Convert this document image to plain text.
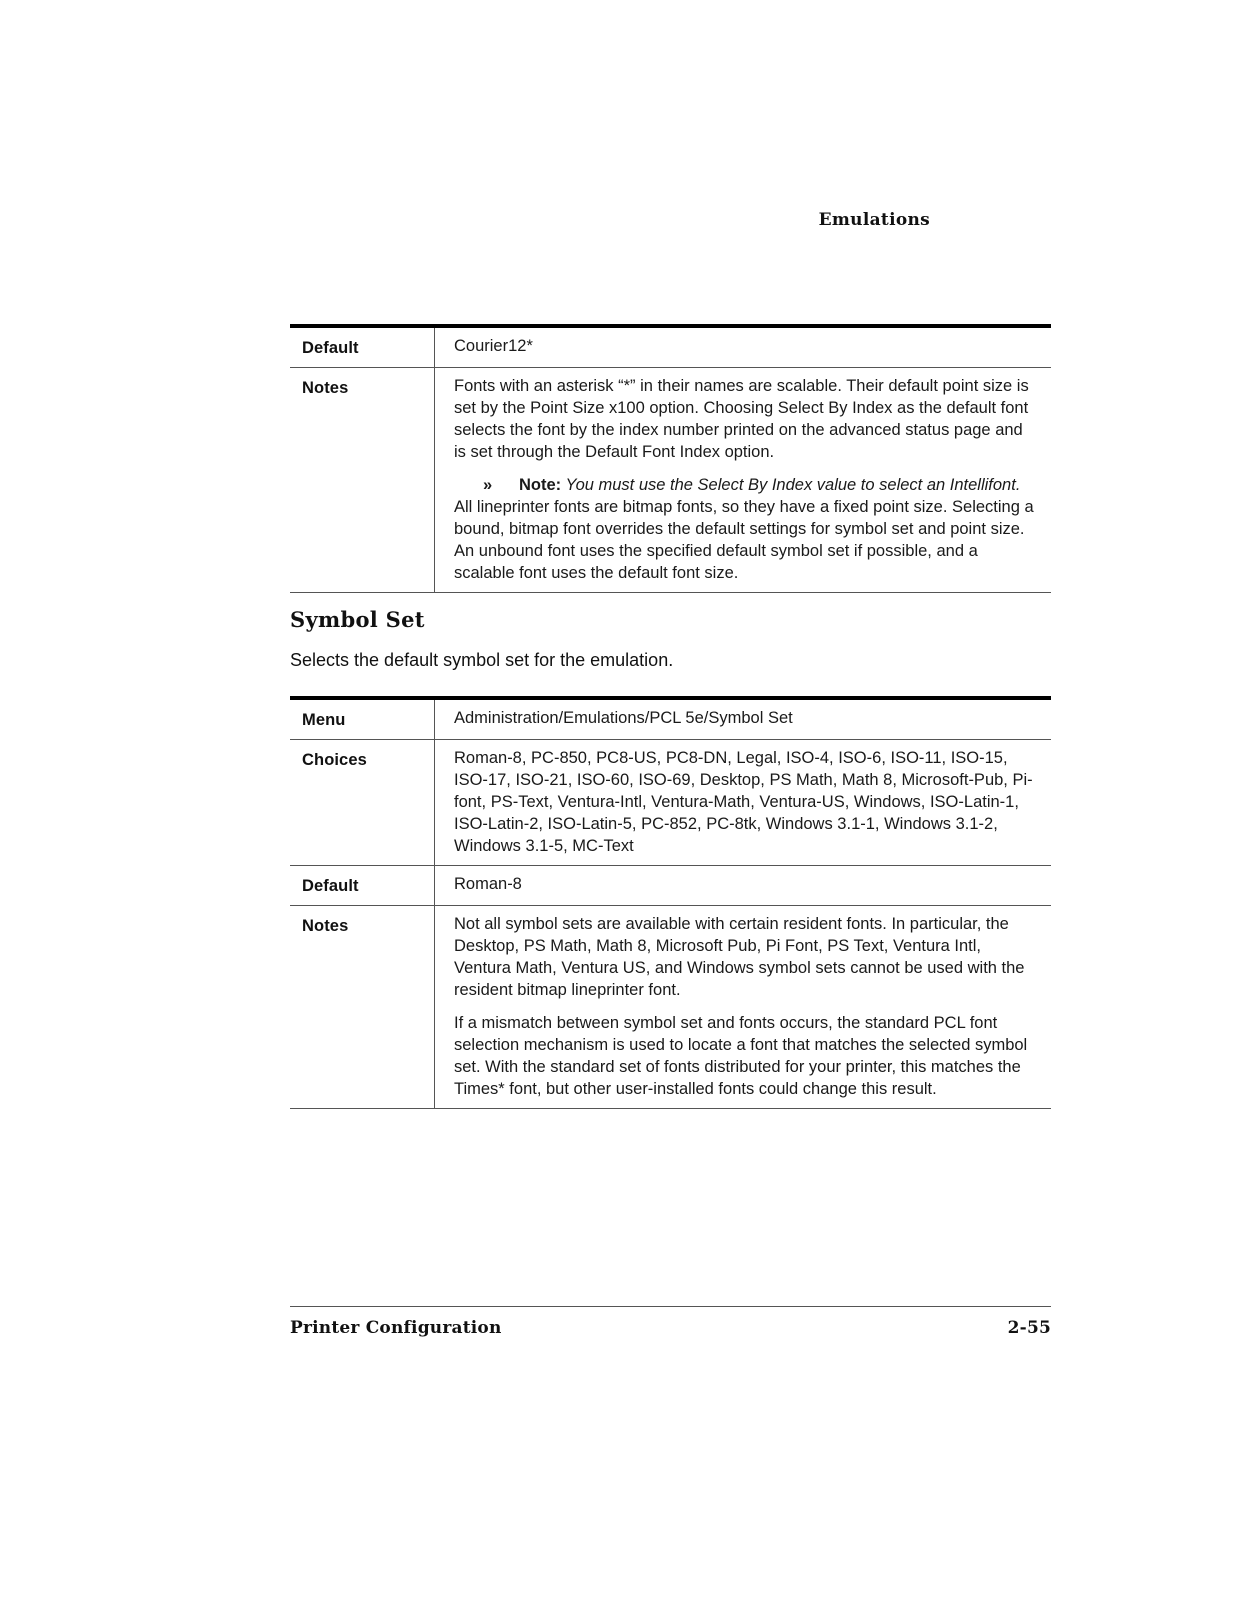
Emulations
Default	Courier12*

Notes	Fonts with an asterisk “*” in their names are scalable. Their default point size is set by the Point Size x100 option. Choosing Select By Index as the default font selects the font by the index number printed on the advanced status page and is set through the Default Font Index option.

» Note: You must use the Select By Index value to select an Intellifont.

All lineprinter fonts are bitmap fonts, so they have a fixed point size. Selecting a bound, bitmap font overrides the default settings for symbol set and point size. An unbound font uses the specified default symbol set if possible, and a scalable font uses the default font size.

Symbol Set

Selects the default symbol set for the emulation.

Menu	Administration/Emulations/PCL 5e/Symbol Set

Choices	Roman-8, PC-850, PC8-US, PC8-DN, Legal, ISO-4, ISO-6, ISO-11, ISO-15, ISO-17, ISO-21, ISO-60, ISO-69, Desktop, PS Math, Math 8, Microsoft-Pub, Pi-font, PS-Text, Ventura-Intl, Ventura-Math, Ventura-US, Windows, ISO-Latin-1, ISO-Latin-2, ISO-Latin-5, PC-852, PC-8tk, Windows 3.1-1, Windows 3.1-2, Windows 3.1-5, MC-Text

Default	Roman-8

Notes	Not all symbol sets are available with certain resident fonts. In particular, the Desktop, PS Math, Math 8, Microsoft Pub, Pi Font, PS Text, Ventura Intl, Ventura Math, Ventura US, and Windows symbol sets cannot be used with the resident bitmap lineprinter font.

If a mismatch between symbol set and fonts occurs, the standard PCL font selection mechanism is used to locate a font that matches the selected symbol set. With the standard set of fonts distributed for your printer, this matches the Times* font, but other user-installed fonts could change this result.

Printer Configuration	2-55
